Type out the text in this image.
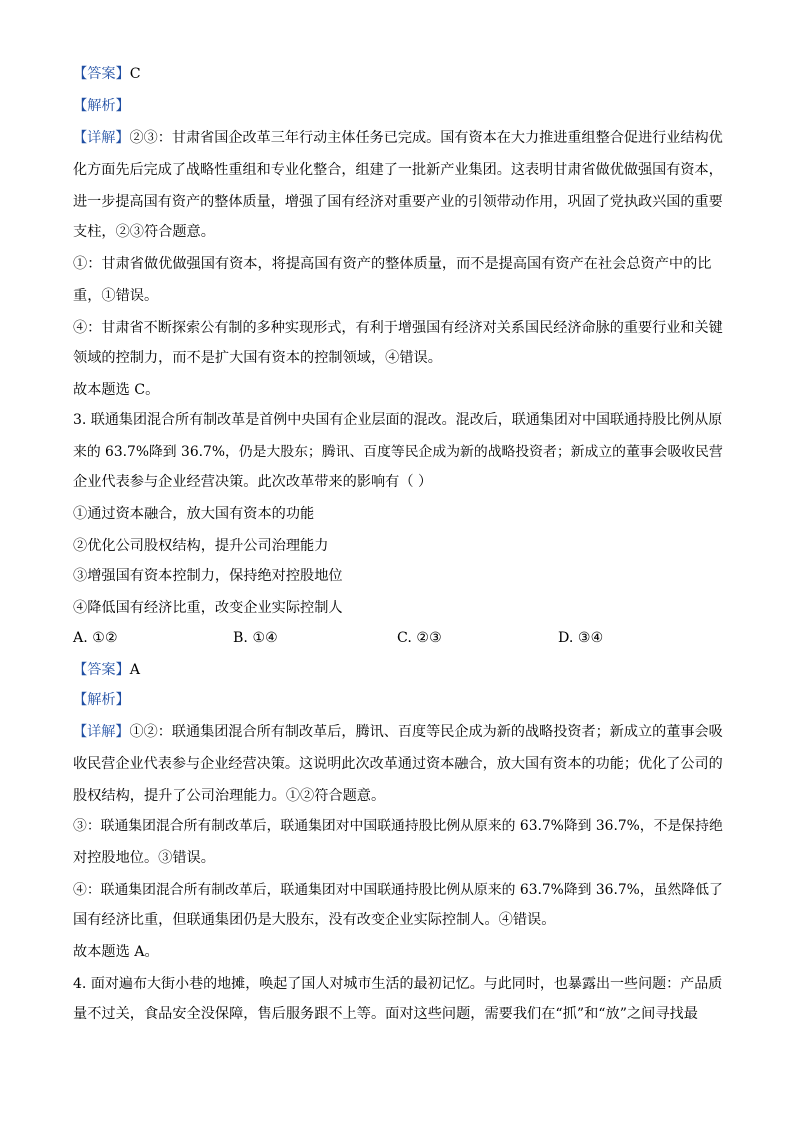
【答案】C
【解析】
【详解】②③：甘肃省国企改革三年行动主体任务已完成。国有资本在大力推进重组整合促进行业结构优
化方面先后完成了战略性重组和专业化整合，组建了一批新产业集团。这表明甘肃省做优做强国有资本，
进一步提高国有资产的整体质量，增强了国有经济对重要产业的引领带动作用，巩固了党执政兴国的重要
支柱，②③符合题意。
①：甘肃省做优做强国有资本，将提高国有资产的整体质量，而不是提高国有资产在社会总资产中的比
重，①错误。
④：甘肃省不断探索公有制的多种实现形式，有利于增强国有经济对关系国民经济命脉的重要行业和关键
领域的控制力，而不是扩大国有资本的控制领域，④错误。
故本题选 C。
3. 联通集团混合所有制改革是首例中央国有企业层面的混改。混改后，联通集团对中国联通持股比例从原
来的 63.7%降到 36.7%，仍是大股东；腾讯、百度等民企成为新的战略投资者；新成立的董事会吸收民营
企业代表参与企业经营决策。此次改革带来的影响有（ ）
①通过资本融合，放大国有资本的功能
②优化公司股权结构，提升公司治理能力
③增强国有资本控制力，保持绝对控股地位
④降低国有经济比重，改变企业实际控制人
A. ①②	B. ①④	C. ②③	D. ③④
【答案】A
【解析】
【详解】①②：联通集团混合所有制改革后，腾讯、百度等民企成为新的战略投资者；新成立的董事会吸
收民营企业代表参与企业经营决策。这说明此次改革通过资本融合，放大国有资本的功能；优化了公司的
股权结构，提升了公司治理能力。①②符合题意。
③：联通集团混合所有制改革后，联通集团对中国联通持股比例从原来的 63.7%降到 36.7%，不是保持绝
对控股地位。③错误。
④：联通集团混合所有制改革后，联通集团对中国联通持股比例从原来的 63.7%降到 36.7%，虽然降低了
国有经济比重，但联通集团仍是大股东，没有改变企业实际控制人。④错误。
故本题选 A。
4. 面对遍布大街小巷的地摊，唤起了国人对城市生活的最初记忆。与此同时，也暴露出一些问题：产品质
量不过关，食品安全没保障，售后服务跟不上等。面对这些问题，需要我们在“抓”和“放”之间寻找最
